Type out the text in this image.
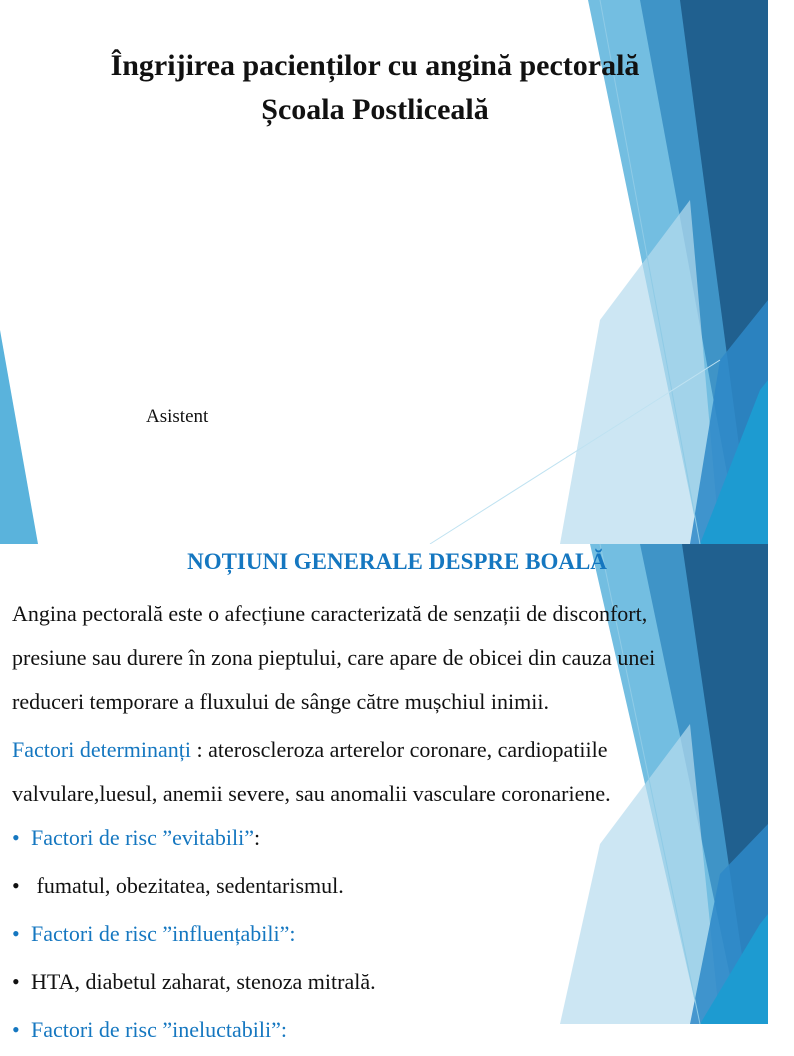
Îngrijirea pacienților cu angină pectorală
Școala Postliceală
Asistent
NOȚIUNI GENERALE DESPRE BOALĂ

Angina pectorală este o afecțiune caracterizată de senzații de disconfort,

presiune sau durere în zona pieptului, care apare de obicei din cauza unei

reduceri temporare a fluxului de sânge către mușchiul inimii.

Factori determinanți : ateroscleroza arterelor coronare, cardiopatiile

valvulare,luesul, anemii severe, sau anomalii vasculare coronariene.

• Factori de risc ”evitabili” :
• fumatul, obezitatea, sedentarismul.
• Factori de risc ”influențabili”:
• HTA, diabetul zaharat, stenoza mitrală.
• Factori de risc ”ineluctabili”:
